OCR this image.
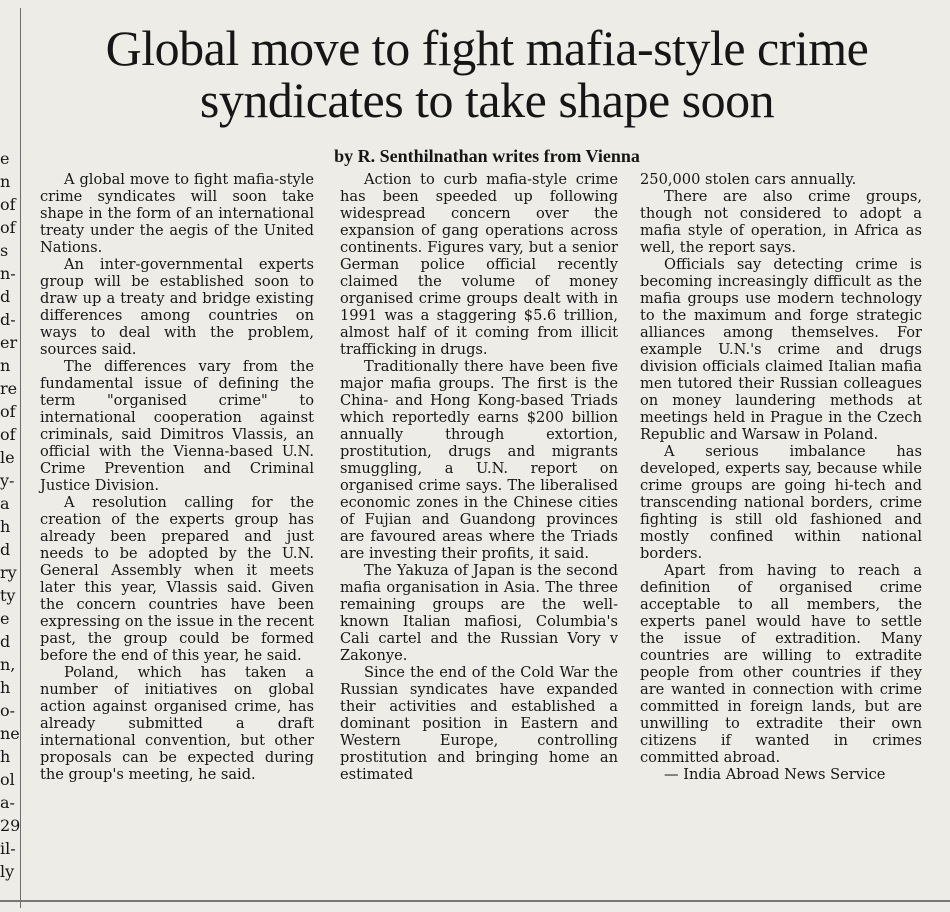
e
n
of
of
s
n-
d
d-
er
n
re
of
of
le
y-
a
h
d
ry
ty
e
d
n,
h
o-
ne
h
ol
a-
29
il-
ly
Global move to fight mafia-style crime
syndicates to take shape soon

by R. Senthilnathan writes from Vienna

A global move to fight mafia-style crime syndicates will soon take shape in the form of an international treaty under the aegis of the United Nations.

An inter-governmental experts group will be established soon to draw up a treaty and bridge existing differences among countries on ways to deal with the problem, sources said.

The differences vary from the fundamental issue of defining the term "organised crime" to international cooperation against criminals, said Dimitros Vlassis, an official with the Vienna-based U.N. Crime Prevention and Criminal Justice Division.

A resolution calling for the creation of the experts group has already been prepared and just needs to be adopted by the U.N. General Assembly when it meets later this year, Vlassis said. Given the concern countries have been expressing on the issue in the recent past, the group could be formed before the end of this year, he said.

Poland, which has taken a number of initiatives on global action against organised crime, has already submitted a draft international convention, but other proposals can be expected during the group's meeting, he said.

Action to curb mafia-style crime has been speeded up following widespread concern over the expansion of gang operations across continents. Figures vary, but a senior German police official recently claimed the volume of money organised crime groups dealt with in 1991 was a staggering $5.6 trillion, almost half of it coming from illicit trafficking in drugs.

Traditionally there have been five major mafia groups. The first is the China- and Hong Kong-based Triads which reportedly earns $200 billion annually through extortion, prostitution, drugs and migrants smuggling, a U.N. report on organised crime says. The liberalised economic zones in the Chinese cities of Fujian and Guandong provinces are favoured areas where the Triads are investing their profits, it said.

The Yakuza of Japan is the second mafia organisation in Asia. The three remaining groups are the well-known Italian mafiosi, Columbia's Cali cartel and the Russian Vory v Zakonye.

Since the end of the Cold War the Russian syndicates have expanded their activities and established a dominant position in Eastern and Western Europe, controlling prostitution and bringing home an estimated

250,000 stolen cars annually.

There are also crime groups, though not considered to adopt a mafia style of operation, in Africa as well, the report says.

Officials say detecting crime is becoming increasingly difficult as the mafia groups use modern technology to the maximum and forge strategic alliances among themselves. For example U.N.'s crime and drugs division officials claimed Italian mafia men tutored their Russian colleagues on money laundering methods at meetings held in Prague in the Czech Republic and Warsaw in Poland.

A serious imbalance has developed, experts say, because while crime groups are going hi-tech and transcending national borders, crime fighting is still old fashioned and mostly confined within national borders.

Apart from having to reach a definition of organised crime acceptable to all members, the experts panel would have to settle the issue of extradition. Many countries are willing to extradite people from other countries if they are wanted in connection with crime committed in foreign lands, but are unwilling to extradite their own citizens if wanted in crimes committed abroad.

— India Abroad News Service
